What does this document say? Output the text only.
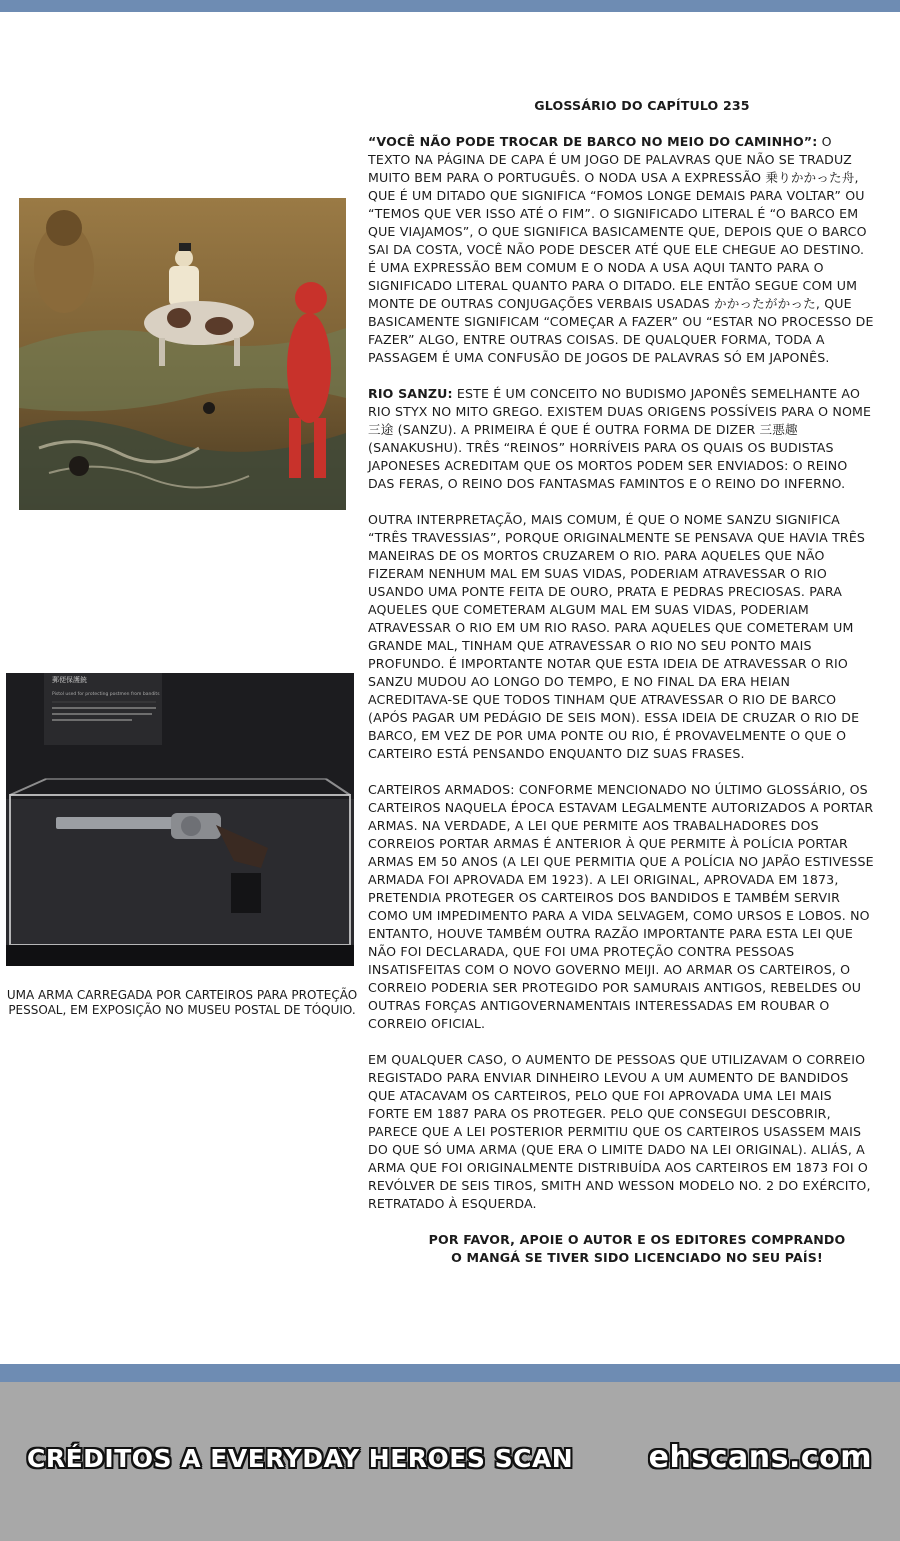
GLOSSÁRIO DO CAPÍTULO 235
“VOCÊ NÃO PODE TROCAR DE BARCO NO MEIO DO CAMINHO”: O TEXTO NA PÁGINA DE CAPA É UM JOGO DE PALAVRAS QUE NÃO SE TRADUZ MUITO BEM PARA O PORTUGUÊS. O NODA USA A EXPRESSÃO 乗りかかった舟, QUE É UM DITADO QUE SIGNIFICA “FOMOS LONGE DEMAIS PARA VOLTAR” OU “TEMOS QUE VER ISSO ATÉ O FIM”. O SIGNIFICADO LITERAL É “O BARCO EM QUE VIAJAMOS”, O QUE SIGNIFICA BASICAMENTE QUE, DEPOIS QUE O BARCO SAI DA COSTA, VOCÊ NÃO PODE DESCER ATÉ QUE ELE CHEGUE AO DESTINO. É UMA EXPRESSÃO BEM COMUM E O NODA A USA AQUI TANTO PARA O SIGNIFICADO LITERAL QUANTO PARA O DITADO. ELE ENTÃO SEGUE COM UM MONTE DE OUTRAS CONJUGAÇÕES VERBAIS USADAS かかったがかった, QUE BASICAMENTE SIGNIFICAM “COMEÇAR A FAZER” OU “ESTAR NO PROCESSO DE FAZER” ALGO, ENTRE OUTRAS COISAS. DE QUALQUER FORMA, TODA A PASSAGEM É UMA CONFUSÃO DE JOGOS DE PALAVRAS SÓ EM JAPONÊS.
RIO SANZU: ESTE É UM CONCEITO NO BUDISMO JAPONÊS SEMELHANTE AO RIO STYX NO MITO GREGO. EXISTEM DUAS ORIGENS POSSÍVEIS PARA O NOME 三途 (SANZU). A PRIMEIRA É QUE É OUTRA FORMA DE DIZER 三悪趣 (SANAKUSHU). TRÊS “REINOS” HORRÍVEIS PARA OS QUAIS OS BUDISTAS JAPONESES ACREDITAM QUE OS MORTOS PODEM SER ENVIADOS: O REINO DAS FERAS, O REINO DOS FANTASMAS FAMINTOS E O REINO DO INFERNO.
OUTRA INTERPRETAÇÃO, MAIS COMUM, É QUE O NOME SANZU SIGNIFICA “TRÊS TRAVESSIAS”, PORQUE ORIGINALMENTE SE PENSAVA QUE HAVIA TRÊS MANEIRAS DE OS MORTOS CRUZAREM O RIO. PARA AQUELES QUE NÃO FIZERAM NENHUM MAL EM SUAS VIDAS, PODERIAM ATRAVESSAR O RIO USANDO UMA PONTE FEITA DE OURO, PRATA E PEDRAS PRECIOSAS. PARA AQUELES QUE COMETERAM ALGUM MAL EM SUAS VIDAS, PODERIAM ATRAVESSAR O RIO EM UM RIO RASO. PARA AQUELES QUE COMETERAM UM GRANDE MAL, TINHAM QUE ATRAVESSAR O RIO NO SEU PONTO MAIS PROFUNDO. É IMPORTANTE NOTAR QUE ESTA IDEIA DE ATRAVESSAR O RIO SANZU MUDOU AO LONGO DO TEMPO, E NO FINAL DA ERA HEIAN ACREDITAVA-SE QUE TODOS TINHAM QUE ATRAVESSAR O RIO DE BARCO (APÓS PAGAR UM PEDÁGIO DE SEIS MON). ESSA IDEIA DE CRUZAR O RIO DE BARCO, EM VEZ DE POR UMA PONTE OU RIO, É PROVAVELMENTE O QUE O CARTEIRO ESTÁ PENSANDO ENQUANTO DIZ SUAS FRASES.
CARTEIROS ARMADOS: CONFORME MENCIONADO NO ÚLTIMO GLOSSÁRIO, OS CARTEIROS NAQUELA ÉPOCA ESTAVAM LEGALMENTE AUTORIZADOS A PORTAR ARMAS. NA VERDADE, A LEI QUE PERMITE AOS TRABALHADORES DOS CORREIOS PORTAR ARMAS É ANTERIOR À QUE PERMITE À POLÍCIA PORTAR ARMAS EM 50 ANOS (A LEI QUE PERMITIA QUE A POLÍCIA NO JAPÃO ESTIVESSE ARMADA FOI APROVADA EM 1923). A LEI ORIGINAL, APROVADA EM 1873, PRETENDIA PROTEGER OS CARTEIROS DOS BANDIDOS E TAMBÉM SERVIR COMO UM IMPEDIMENTO PARA A VIDA SELVAGEM, COMO URSOS E LOBOS. NO ENTANTO, HOUVE TAMBÉM OUTRA RAZÃO IMPORTANTE PARA ESTA LEI QUE NÃO FOI DECLARADA, QUE FOI UMA PROTEÇÃO CONTRA PESSOAS INSATISFEITAS COM O NOVO GOVERNO MEIJI. AO ARMAR OS CARTEIROS, O CORREIO PODERIA SER PROTEGIDO POR SAMURAIS ANTIGOS, REBELDES OU OUTRAS FORÇAS ANTIGOVERNAMENTAIS INTERESSADAS EM ROUBAR O CORREIO OFICIAL.
EM QUALQUER CASO, O AUMENTO DE PESSOAS QUE UTILIZAVAM O CORREIO REGISTADO PARA ENVIAR DINHEIRO LEVOU A UM AUMENTO DE BANDIDOS QUE ATACAVAM OS CARTEIROS, PELO QUE FOI APROVADA UMA LEI MAIS FORTE EM 1887 PARA OS PROTEGER. PELO QUE CONSEGUI DESCOBRIR, PARECE QUE A LEI POSTERIOR PERMITIU QUE OS CARTEIROS USASSEM MAIS DO QUE SÓ UMA ARMA (QUE ERA O LIMITE DADO NA LEI ORIGINAL). ALIÁS, A ARMA QUE FOI ORIGINALMENTE DISTRIBUÍDA AOS CARTEIROS EM 1873 FOI O REVÓLVER DE SEIS TIROS, SMITH AND WESSON MODELO NO. 2 DO EXÉRCITO, RETRATADO À ESQUERDA.
POR FAVOR, APOIE O AUTOR E OS EDITORES COMPRANDO
O MANGÁ SE TIVER SIDO LICENCIADO NO SEU PAÍS!
郵便保護銃
Pistol used for protecting postmen from bandits
UMA ARMA CARREGADA POR CARTEIROS PARA PROTEÇÃO
PESSOAL, EM EXPOSIÇÃO NO MUSEU POSTAL DE TÓQUIO.
CRÉDITOS A EVERYDAY HEROES SCAN	ehscans.com
